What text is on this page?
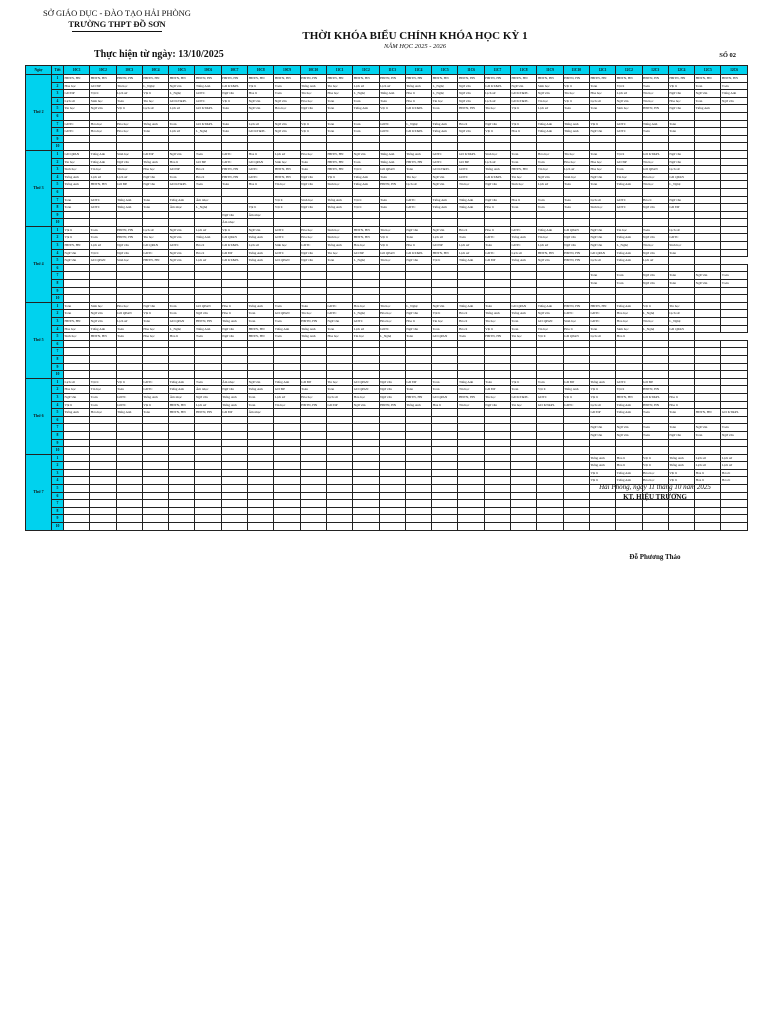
SỞ GIÁO DỤC - ĐÀO TẠO HẢI PHÒNG
TRƯỜNG THPT ĐỒ SƠN
THỜI KHÓA BIỂU CHÍNH KHÓA HỌC KỲ 1
NĂM HỌC 2025 - 2026
Thực hiện từ ngày: 13/10/2025	SỐ 02
Ngày	Tiết	10C1	10C2	10C3	10C4	10C5	10C6	10C7	10C8	10C9	10C10	11C1	11C2	11C3	11C4	11C5	11C6	11C7	11C8	11C9	11C10	12C1	12C2	12C3	12C4	12C5	12C6
Thứ 2	1	HĐTN, HN	HĐTN, HN	HĐTN, HN	HĐTN, HN	HĐTN, HN	HĐTN, HN	HĐTN, HN	HĐTN, HN	HĐTN, HN	HĐTN, HN	HĐTN, HN	HĐTN, HN	HĐTN, HN	HĐTN, HN	HĐTN, HN	HĐTN, HN	HĐTN, HN	HĐTN, HN	HĐTN, HN	HĐTN, HN	HĐTN, HN	HĐTN, HN	HĐTN, HN	HĐTN, HN	HĐTN, HN	HĐTN, HN
	2	Hóa học	GD ĐP	Tin học	L_Nghệ	Ngữ văn	Tiếng Anh	GD KT&PL	Vật lí	Toán	Tiếng Anh	Tin học	Lịch sử	Lịch sử	Tiếng Anh	L_Nghệ	Ngữ văn	GD KT&PL	Ngữ văn	Sinh học	Vật lí	Toán	Vật lí	Toán	Vật lí	Toán	Toán
	3	GD ĐP	Vật lí	Lịch sử	Vật lí	L_Nghệ	GDTC	Ngữ văn	Hóa lí	Toán	Tin học	Hóa học	L_Nghệ	Tiếng Anh	Hóa lí	L_Nghệ	Ngữ văn	Lịch sử	GD KT&PL	Ngữ văn	Tin học	Hóa học	Lịch sử	Tin học	Ngữ văn	Ngữ văn	Tiếng Anh
	4	Lịch sử	Sinh học	Toán	Tin học	GD KT&PL	GDTC	Vật lí	Ngữ văn	Ngữ văn	Hóa học	Toán	Toán	Toán	Hóa lí	Tin học	Ngữ văn	Lịch sử	GD KT&PL	Tin học	Vật lí	Lịch sử	Ngữ văn	Tin học	Hóa học	Toán	Ngữ văn
	5	Tin học	Ngữ văn	Vật lí	Lịch sử	Lịch sử	GD KT&PL	Toán	Ngữ văn	Hóa học	Ngữ văn	Toán	Tiếng Anh	Vật lí	GD KT&PL	Toán	HĐTN, HN	Tin học	Vật lí	Lịch sử	Toán	Toán	Sinh học	HĐTN, HN	Ngữ văn	Tiếng Anh	
	6																										
	7	GDTC	Hóa học	Hóa học	Tiếng Anh	Toán	GD KT&PL	Toán	Lịch sử	Ngữ văn	Vật lí	Toán	Toán	GDTC	L_Nghệ	Tiếng Anh	Hóa lí	Ngữ văn	Vật lí	Tiếng Anh	Tiếng Anh	Vật lí	GDTC	Tiếng Anh	Toán		
	8	GDTC	Hóa học	Hóa học	Toán	Lịch sử	L_Nghệ	Toán	GD KT&PL	Ngữ văn	Vật lí	Toán	Toán	GDTC	GD KT&PL	Tiếng Anh	Ngữ văn	Vật lí	Hóa lí	Tiếng Anh	Tiếng Anh	Ngữ văn	GDTC	Toán	Toán		
	9																										
	10																										
Thứ 3	1	GD QPAN	Tiếng Anh	Sinh học	GD ĐP	Ngữ văn	Toán	GDTC	Hóa lí	Lịch sử	Hóa học	HĐTN, HN	Ngữ văn	Tiếng Anh	Tiếng Anh	GDTC	GD KT&PL	Sinh học	Toán	Hóa học	Tin học	Toán	Vật lí	GD KT&PL	Ngữ văn		
	2	Tin học	Tiếng Anh	Ngữ văn	Tiếng Anh	Hóa lí	GD ĐP	GDTC	GD QPAN	Sinh học	Toán	HĐTN, HN	Toán	Tiếng Anh	HĐTN, HN	GDTC	GD ĐP	Lịch sử	Toán	Toán	Hóa học	Hóa học	GD ĐP	Tin học	Ngữ văn		
	3	Sinh học	Tin học	Tin học	Hóa học	GD ĐP	Hóa lí	HĐTN, HN	GDTC	HĐTN, HN	Toán	HĐTN, HN	Vật lí	GD QPAN	Toán	GD KT&PL	GDTC	Tiếng Anh	HĐTN, HN	Tin học	Lịch sử	Hóa học	Toán	GD QPAN	Lịch sử		
	4	Tiếng Anh	Lịch sử	Lịch sử	Ngữ văn	Toán	Hóa lí	HĐTN, HN	GDTC	HĐTN, HN	Ngữ văn	Vật lí	Tiếng Anh	Toán	Tin học	Ngữ văn	GDTC	GD KT&PL	Tin học	Ngữ văn	Sinh học	Ngữ văn	Tin học	Hóa học	GD QPAN		
	5	Tiếng Anh	HĐTN, HN	GD ĐP	Ngữ văn	GD KT&PL	Toán	Toán	Hóa lí	Tin học	Ngữ văn	Sinh học	Tiếng Anh	HĐTN, HN	Lịch sử	Ngữ văn	Tin học	Ngữ văn	Sinh học	Lịch sử	Toán	Toán	Tiếng Anh	Tin học	L_Nghệ		
	6																										
	7	Toán	GDTC	Tiếng Anh	Toán	Tiếng Anh	Âm nhạc			Vật lí	Sinh học	Tiếng Anh	Vật lí	Toán	GDTC	Tiếng Anh	Tiếng Anh	Ngữ văn	Hóa lí	Toán	Toán	Lịch sử	GDTC	Hóa lí	Ngữ văn		
	8	Toán	GDTC	Tiếng Anh	Toán	Âm nhạc	L_Nghệ		Vật lí	Vật lí	Ngữ văn	Tiếng Anh	Vật lí	Toán	GDTC	Tiếng Anh	Tiếng Anh	Hóa lí	Toán	Toán	Toán	Sinh học	GDTC	Ngữ văn	GD ĐP		
	9							Ngữ văn	Âm nhạc																		
	10							Âm nhạc																			
Thứ 4	1	Vật lí	Toán	HĐTN, HN	Lịch sử	Ngữ văn	Lịch sử	Vật lí	Ngữ văn	GDTC	Hóa học	Sinh học	HĐTN, HN	Tin học	Ngữ văn	Ngữ văn	Hóa lí	Hóa lí	GDTC	Tiếng Anh	GD QPAN	Ngữ văn	Tin học	Toán	Lịch sử		
	2	Vật lí	Toán	HĐTN, HN	Tin học	Ngữ văn	Tiếng Anh	GD QPAN	Tiếng Anh	GDTC	Hóa học	Sinh học	HĐTN, HN	Vật lí	Toán	Lịch sử	Toán	GDTC	Tiếng Anh	Tin học	Ngữ văn	Ngữ văn	Tiếng Anh	Ngữ văn	GDTC		
	3	HĐTN, HN	Lịch sử	Ngữ văn	GD QPAN	GDTC	Hóa lí	GD KT&PL	Lịch sử	Sinh học	GDTC	Tiếng Anh	Hóa học	Vật lí	Hóa lí	GD ĐP	Lịch sử	Toán	GDTC	Lịch sử	Ngữ văn	Ngữ văn	L_Nghệ	Tin học	Sinh học		
	4	Ngữ văn	Vật lí	Ngữ văn	GDTC	Ngữ văn	Hóa lí	GD ĐP	Tiếng Anh	GDTC	Ngữ văn	Tin học	GD ĐP	GD QPAN	GD KT&PL	HĐTN, HN	Lịch sử	GDTC	Lịch sử	HĐTN, HN	HĐTN, HN	GD QPAN	Tiếng Anh	Ngữ văn	Toán		
	5	Ngữ văn	GD QPAN	Sinh học	HĐTN, HN	Ngữ văn	Lịch sử	GD KT&PL	Tiếng Anh	GD QPAN	Ngữ văn	Toán	L_Nghệ	Tin học	Ngữ văn	Vật lí	Tiếng Anh	GD ĐP	Tiếng Anh	Ngữ văn	HĐTN, HN	Lịch sử	Tiếng Anh	Lịch sử			
	6																										
	7																					Toán	Toán	Ngữ văn	Toán	Ngữ văn	Toán
	8																					Toán	Toán	Ngữ văn	Toán	Ngữ văn	Toán
	9																										
	10																										
Thứ 5	1	Toán	Sinh học	Hóa học	Ngữ văn	Toán	GD QPAN	Hóa lí	Tiếng Anh	Toán	Toán	GDTC	Hóa học	Tin học	L_Nghệ	Ngữ văn	Tiếng Anh	Toán	GD QPAN	Tiếng Anh	HĐTN, HN	HĐTN, HN	Tiếng Anh	Vật lí	Tin học		
	2	Toán	Ngữ văn	GD QPAN	Vật lí	Toán	Ngữ văn	Hóa lí	Toán	GD QPAN	Tin học	GDTC	L_Nghệ	Hóa học	Ngữ văn	Vật lí	Hóa lí	Tiếng Anh	Tiếng Anh	Ngữ văn	GDTC	GDTC	Hóa học	L_Nghệ	Lịch sử		
	3	HĐTN, HN	Ngữ văn	Lịch sử	Toán	GD QPAN	HĐTN, HN	Tiếng Anh	Toán	Toán	HĐTN, HN	Ngữ văn	GDTC	Hóa học	Hóa lí	Tin học	Hóa lí	Tin học	Toán	GD QPAN	Sinh học	GDTC	Hóa học	Tin học	L_Nghệ		
	4	Hóa học	Tiếng Anh	Toán	Hóa học	L_Nghệ	Tiếng Anh	Ngữ văn	HĐTN, HN	Tiếng Anh	Tiếng Anh	Toán	Lịch sử	GDTC	Ngữ văn	Toán	Hóa lí	Vật lí	Toán	Tin học	Hóa lí	Toán	Sinh học	L_Nghệ	GD QPAN		
	5	Sinh học	HĐTN, HN	Toán	Hóa học	Hóa lí	Toán	Ngữ văn	HĐTN, HN	Toán	Tiếng Anh	Hóa học	Tin học	L_Nghệ	Toán	GD QPAN	Toán	HĐTN, HN	Tin học	Vật lí	GD QPAN	Lịch sử	Hóa lí				
	6																										
	7																										
	8																										
	9																										
	10																										
Thứ 6	1	Lịch sử	Vật lí	Vật lí	GDTC	Tiếng Anh	Toán	Âm nhạc	Ngữ văn	Tiếng Anh	GD ĐP	Tin học	GD QPAN	Ngữ văn	GD ĐP	Toán	Tiếng Anh	Toán	Vật lí	Toán	GD ĐP	Tiếng Anh	GDTC	GD ĐP			
	2	Hóa học	Tin học	Toán	GDTC	Tiếng Anh	Âm nhạc	Ngữ văn	Tiếng Anh	GD ĐP	Toán	Toán	GD QPAN	Ngữ văn	Toán	Toán	Tin học	GD ĐP	Toán	Vật lí	Tiếng Anh	Vật lí	Vật lí	HĐTN, HN			
	3	Ngữ văn	Toán	GDTC	Tiếng Anh	Âm nhạc	Ngữ văn	Tiếng Anh	Toán	Lịch sử	Hóa học	Lịch sử	Hóa học	Ngữ văn	HĐTN, HN	GD QPAN	HĐTN, HN	Tin học	GD KT&PL	GDTC	Vật lí	Vật lí	HĐTN, HN	GD KT&PL	Hóa lí		
	4	Vật lí	Toán	GDTC	Vật lí	HĐTN, HN	Lịch sử	Tiếng Anh	Toán	Tin học	HĐTN, HN	GD ĐP	Ngữ văn	HĐTN, HN	Tiếng Anh	Hóa lí	Tin học	Ngữ văn	Tin học	GD KT&PL	GDTC	Lịch sử	Tiếng Anh	HĐTN, HN	Hóa lí		
	5	Tiếng Anh	Hóa học	Tiếng Anh	Toán	HĐTN, HN	HĐTN, HN	GD ĐP	Âm nhạc													GD ĐP	Tiếng Anh	Toán	Toán	HĐTN, HN	GD KT&PL
	6																										
	7																					Ngữ văn	Ngữ văn	Toán	Toán	Ngữ văn	Toán
	8																					Ngữ văn	Ngữ văn	Toán	Ngữ văn	Toán	Ngữ văn
	9																										
	10																										
Thứ 7	1																					Tiếng Anh	Hóa lí	Vật lí	Tiếng Anh	Lịch sử	Lịch sử
	2																					Tiếng Anh	Hóa lí	Vật lí	Tiếng Anh	Lịch sử	Lịch sử
	3																					Vật lí	Tiếng Anh	Hóa học	Vật lí	Hóa lí	Hóa lí
	4																					Vật lí	Tiếng Anh	Hóa học	Vật lí	Hóa lí	Hóa lí
	5																										
	6																										
	7																										
	8																										
	9																										
	10																										
Hải Phòng, ngày 11 tháng 10 năm 2025
KT. HIỆU TRƯỞNG
Đỗ Phương Thảo
